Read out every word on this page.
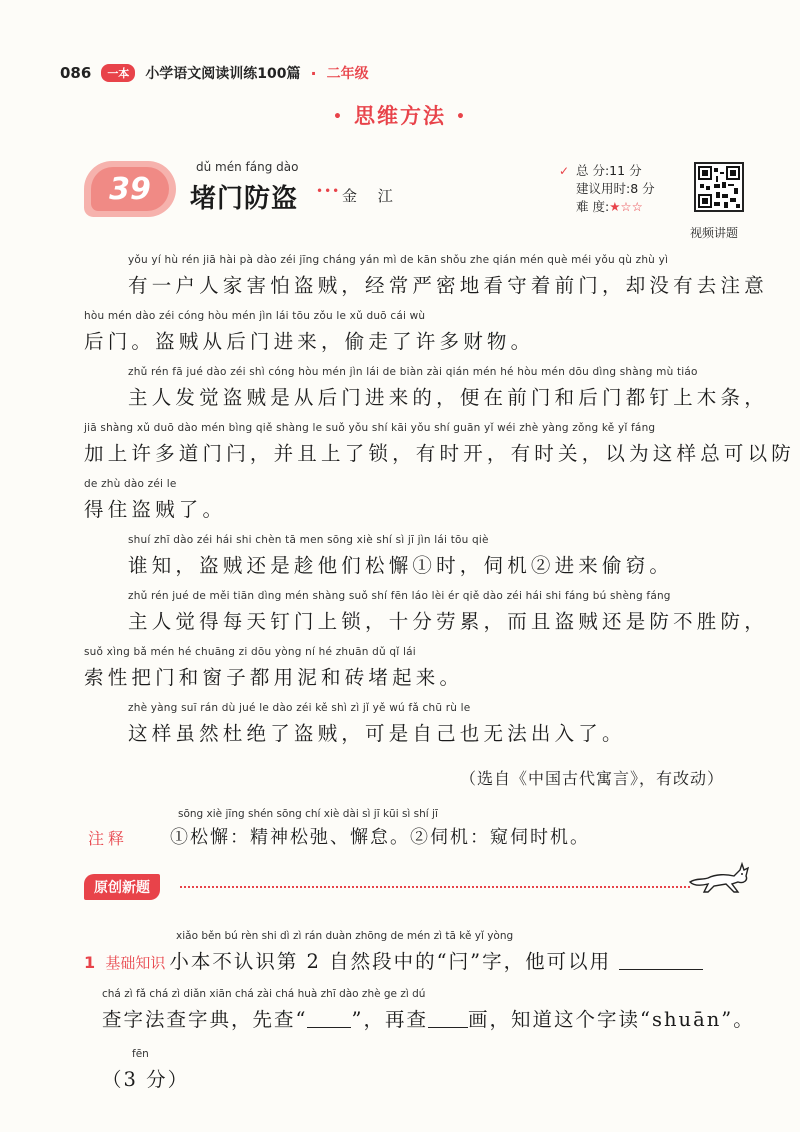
086	一本	小学语文阅读训练100篇 · 二年级
• 思维方法 •
39
dǔ mén fáng dào
堵门防盗 ••• 金 江
✓ 总 分:11 分
建议用时:8 分
难 度:★☆☆
视频讲题
yǒu yí hù rén jiā hài pà dào zéi jīng cháng yán mì de kān shǒu zhe qián mén què méi yǒu qù zhù yì
有一户人家害怕盗贼，经常严密地看守着前门，却没有去注意
hòu mén dào zéi cóng hòu mén jìn lái tōu zǒu le xǔ duō cái wù
后门。盗贼从后门进来，偷走了许多财物。
zhǔ rén fā jué dào zéi shì cóng hòu mén jìn lái de biàn zài qián mén hé hòu mén dōu dìng shàng mù tiáo
主人发觉盗贼是从后门进来的，便在前门和后门都钉上木条，
jiā shàng xǔ duō dào mén bìng qiě shàng le suǒ yǒu shí kāi yǒu shí guān yǐ wéi zhè yàng zǒng kě yǐ fáng
加上许多道门闩，并且上了锁，有时开，有时关，以为这样总可以防
de zhù dào zéi le
得住盗贼了。
shuí zhī dào zéi hái shi chèn tā men sōng xiè shí sì jī jìn lái tōu qiè
谁知，盗贼还是趁他们松懈①时，伺机②进来偷窃。
zhǔ rén jué de měi tiān dìng mén shàng suǒ shí fēn láo lèi ér qiě dào zéi hái shi fáng bú shèng fáng
主人觉得每天钉门上锁，十分劳累，而且盗贼还是防不胜防，
suǒ xìng bǎ mén hé chuāng zi dōu yòng ní hé zhuān dǔ qǐ lái
索性把门和窗子都用泥和砖堵起来。
zhè yàng suī rán dù jué le dào zéi kě shì zì jǐ yě wú fǎ chū rù le
这样虽然杜绝了盗贼，可是自己也无法出入了。
（选自《中国古代寓言》，有改动）
sōng xiè jīng shén sōng chí xiè dài sì jī kūi sì shí jī
注释 ①松懈：精神松弛、懈怠。②伺机：窥伺时机。
原创新题
xiǎo běn bú rèn shi dì zì rán duàn zhōng de mén zì tā kě yǐ yòng
1 基础知识 小本不认识第 2 自然段中的“闩”字，他可以用
chá zì fǎ chá zì diǎn xiān chá zài chá huà zhī dào zhè ge zì dú
查字法查字典，先查“ ”，再查 画，知道这个字读“shuān”。
fēn
（3 分）
